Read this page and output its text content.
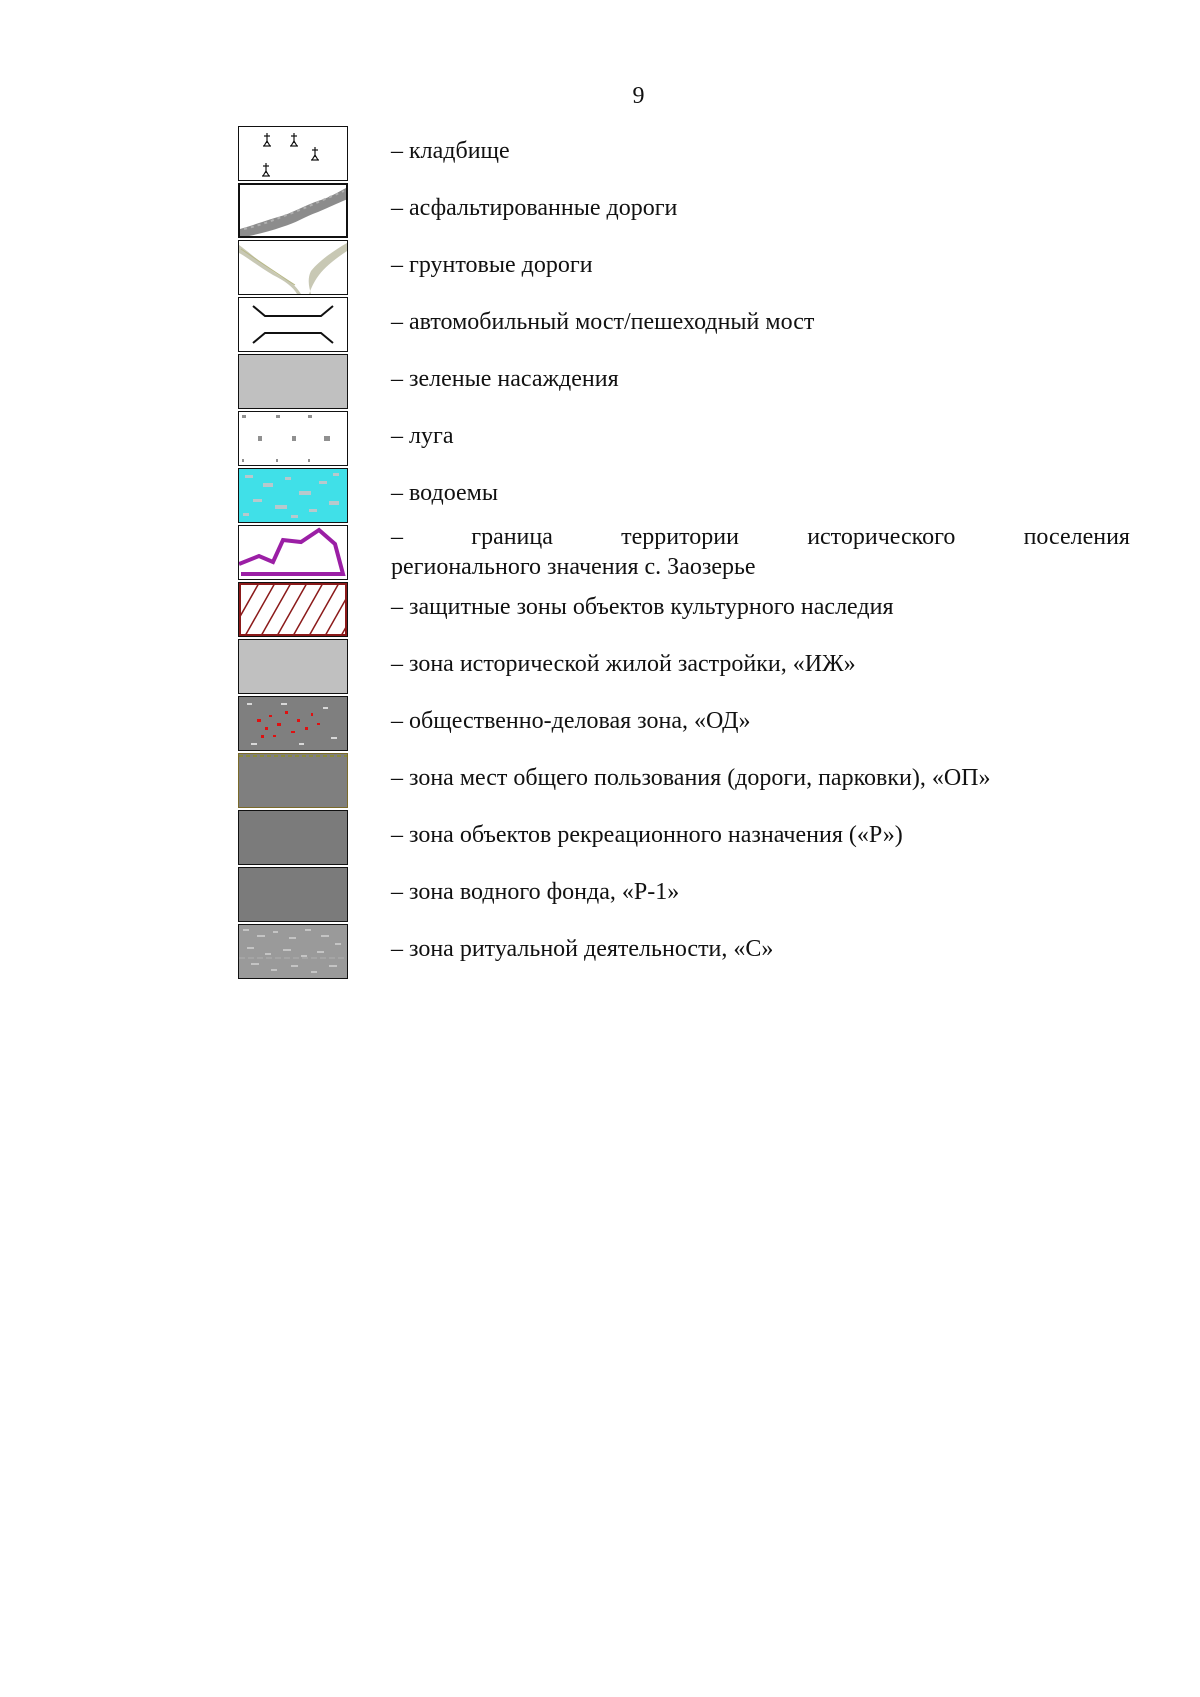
9
– кладбище
– асфальтированные дороги
– грунтовые дороги
– автомобильный мост/пешеходный мост
– зеленые насаждения
– луга
– водоемы
–	граница	территории	исторического	поселения
регионального значения с. Заозерье
– защитные зоны объектов культурного наследия
– зона исторической жилой застройки, «ИЖ»
– общественно-деловая зона, «ОД»
– зона мест общего пользования (дороги, парковки), «ОП»
– зона объектов рекреационного назначения («Р»)
– зона водного фонда, «Р-1»
– зона ритуальной деятельности, «С»
